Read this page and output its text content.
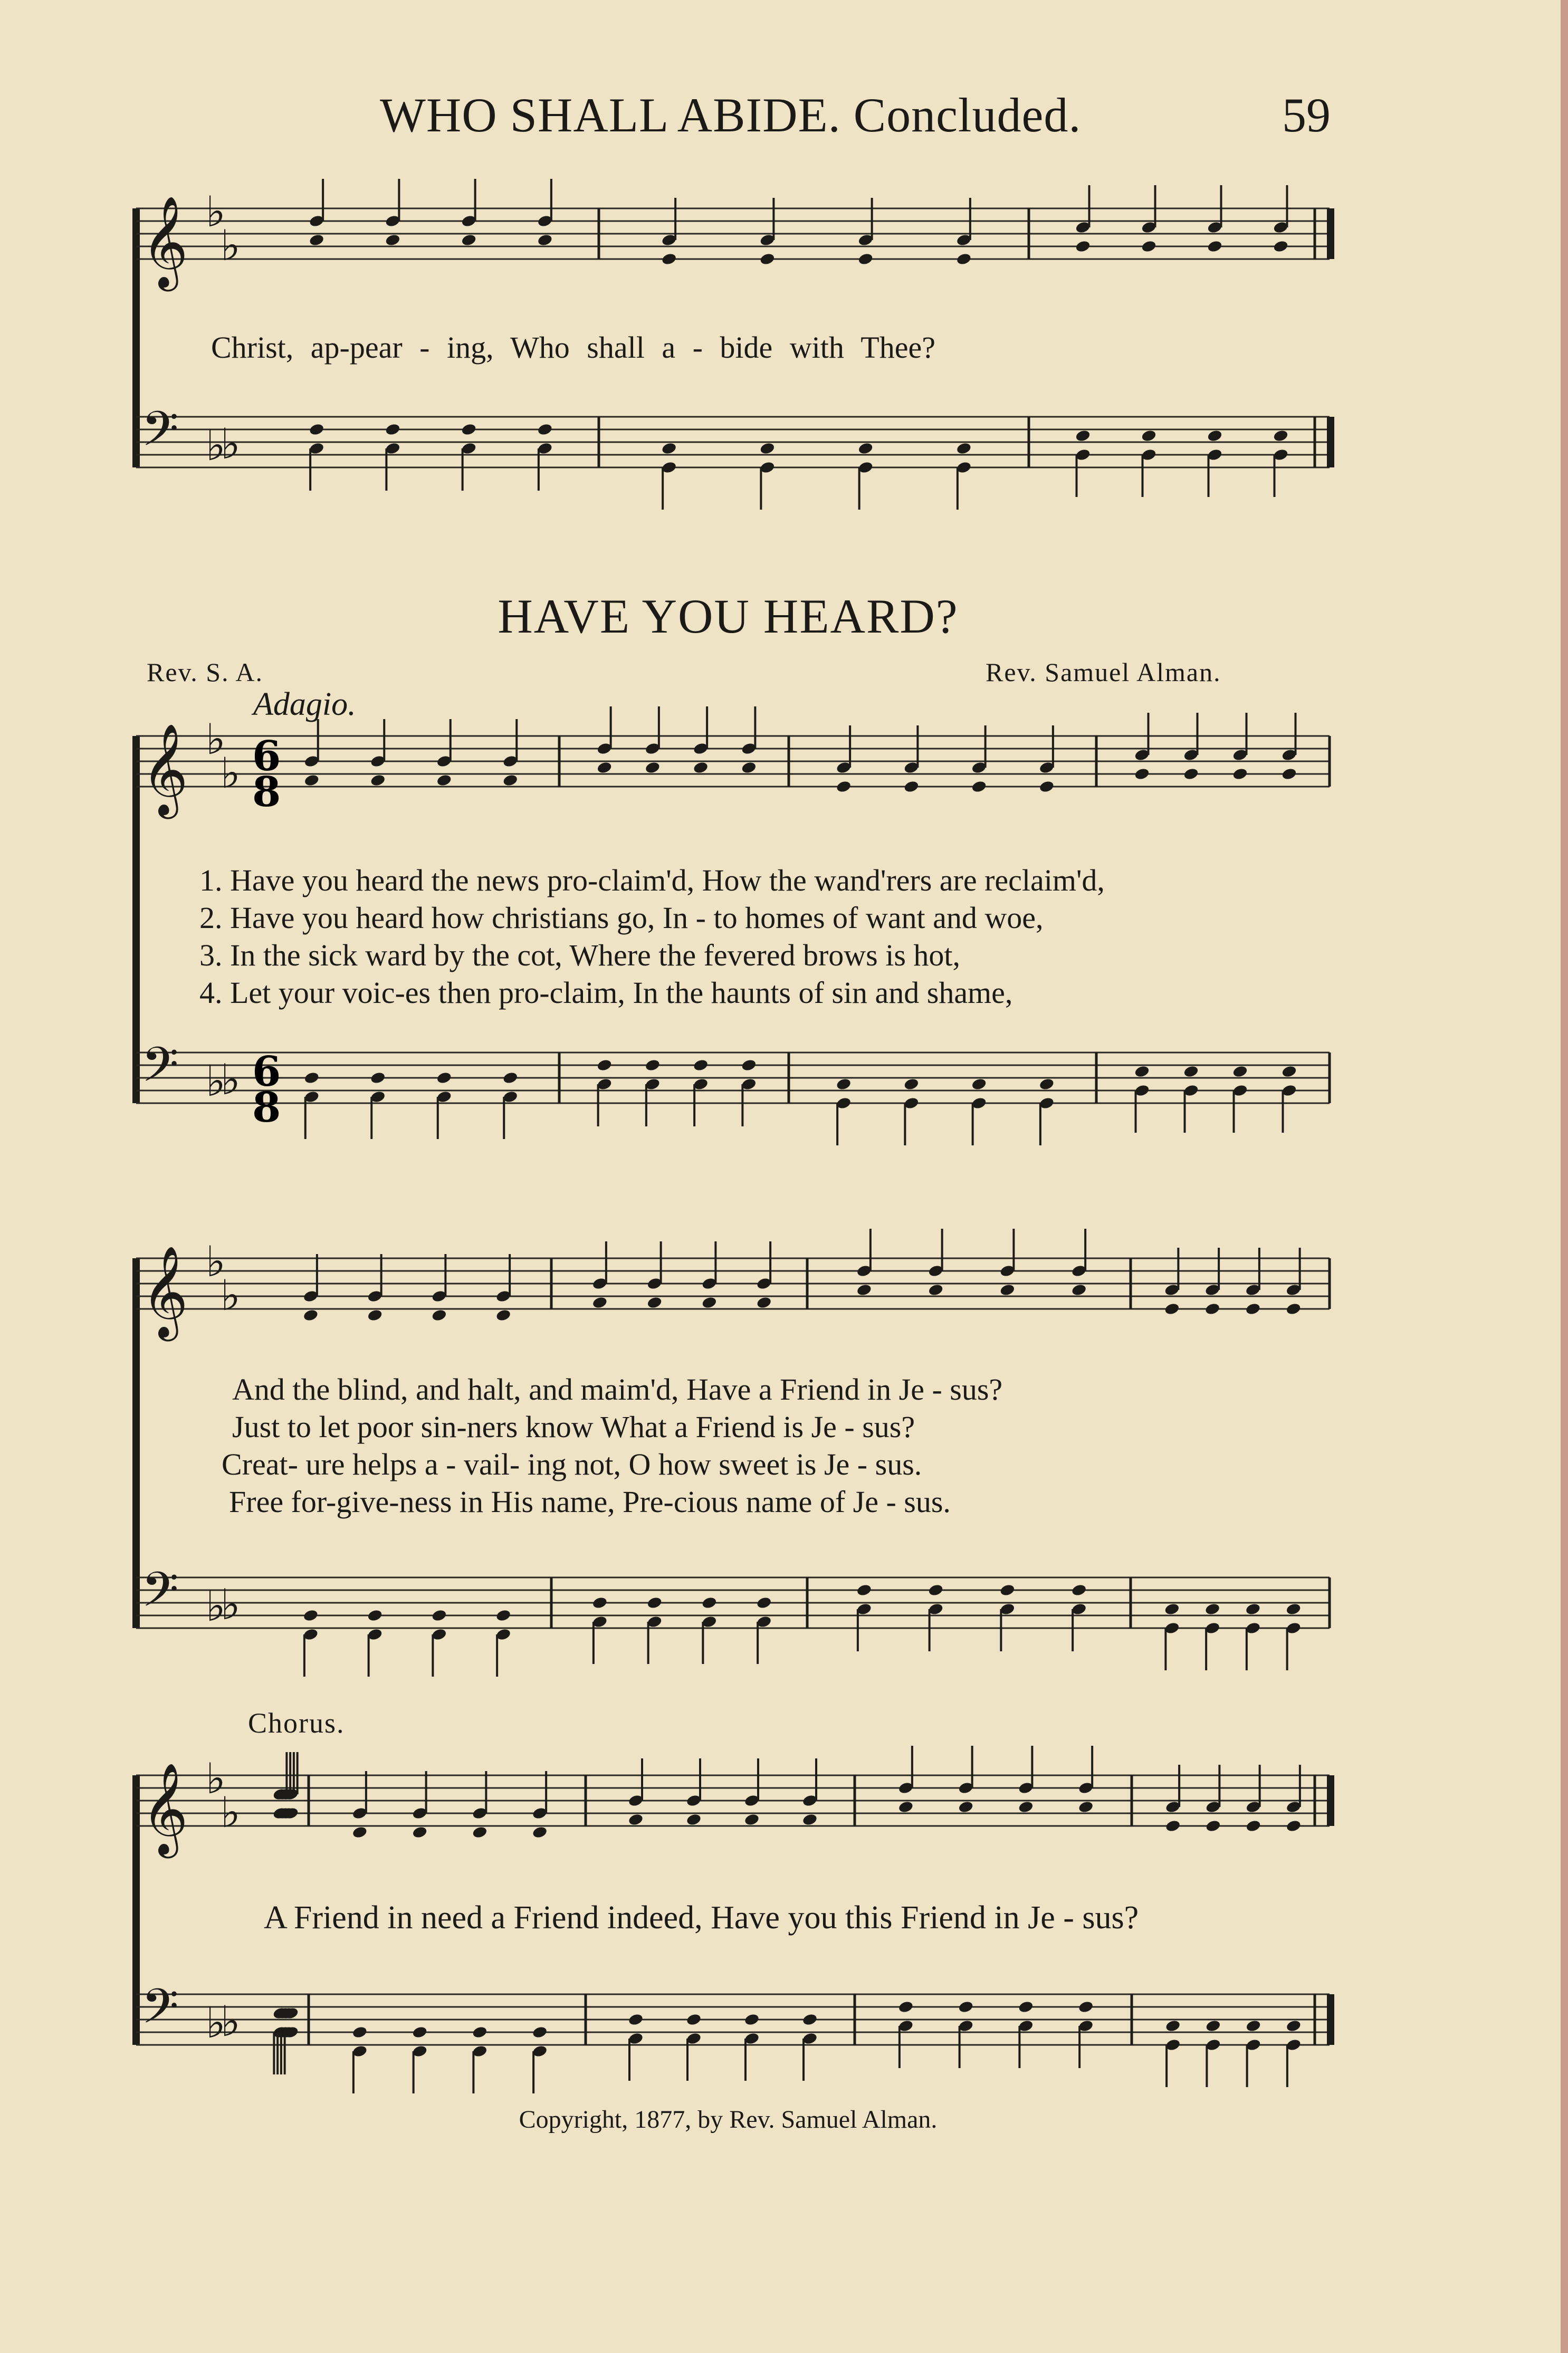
WHO SHALL ABIDE. Concluded.	59
𝄞 ♭
♭
𝄢 ♭
♭
𝄞 ♭
♭
𝄢 ♭
♭
𝄞 ♭
♭
𝄢 ♭
♭
𝄞 ♭
♭
𝄢 ♭
♭
Christ, ap-pear - ing, Who shall a - bide with Thee?
HAVE YOU HEARD?
Rev. S. A.	Rev. Samuel Alman.
Adagio.
6
8
6
8
1. Have you heard the news pro-claim'd, How the wand'rers are reclaim'd,
2. Have you heard how christians go, In - to homes of want and woe,
3. In the sick ward by the cot, Where the fevered brows is hot,
4. Let your voic-es then pro-claim, In the haunts of sin and shame,
And the blind, and halt, and maim'd, Have a Friend in Je - sus?
Just to let poor sin-ners know What a Friend is Je - sus?
Creat- ure helps a - vail- ing not, O how sweet is Je - sus.
Free for-give-ness in His name, Pre-cious name of Je - sus.
Chorus.
A Friend in need a Friend indeed, Have you this Friend in Je - sus?
Copyright, 1877, by Rev. Samuel Alman.
